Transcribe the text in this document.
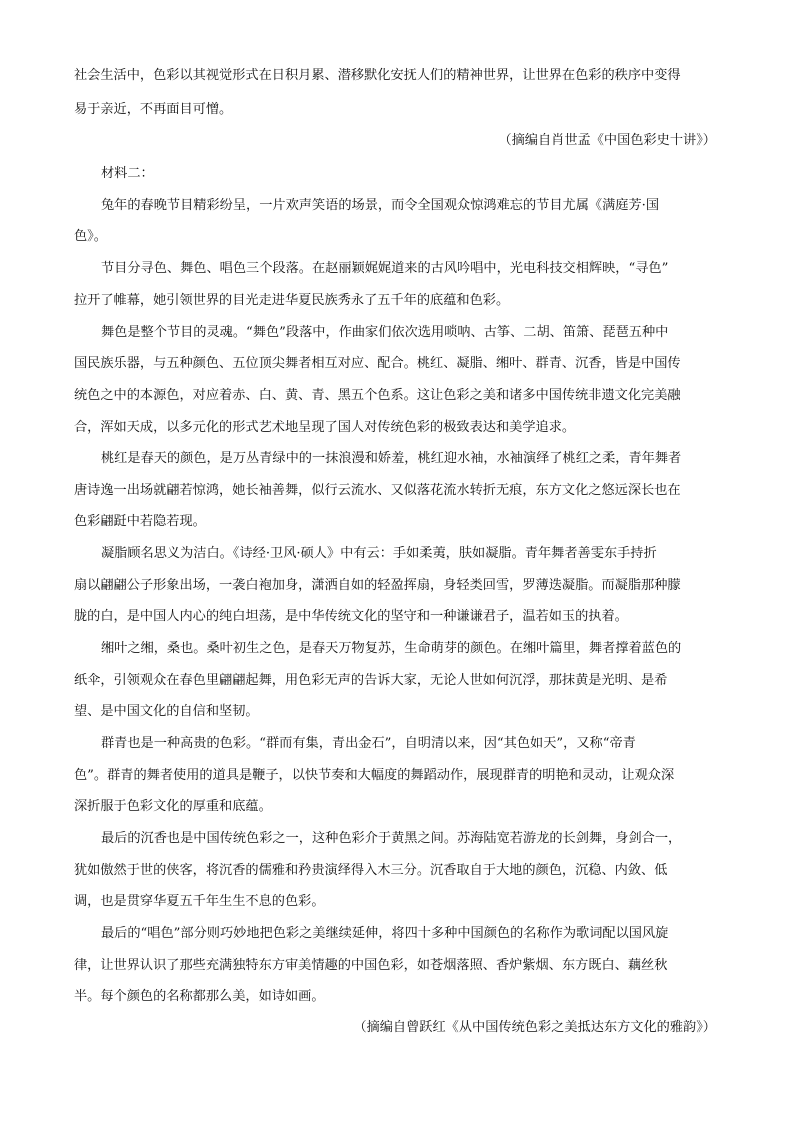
社会生活中，色彩以其视觉形式在日积月累、潜移默化安抚人们的精神世界，让世界在色彩的秩序中变得
易于亲近，不再面目可憎。
（摘编自肖世孟《中国色彩史十讲》）
材料二：
兔年的春晚节目精彩纷呈，一片欢声笑语的场景，而令全国观众惊鸿难忘的节目尤属《满庭芳·国
色》。
节目分寻色、舞色、唱色三个段落。在赵丽颖娓娓道来的古风吟唱中，光电科技交相辉映，“寻色”
拉开了帷幕，她引领世界的目光走进华夏民族秀永了五千年的底蕴和色彩。
舞色是整个节目的灵魂。“舞色”段落中，作曲家们依次选用唢呐、古筝、二胡、笛箫、琵琶五种中
国民族乐器，与五种颜色、五位顶尖舞者相互对应、配合。桃红、凝脂、缃叶、群青、沉香，皆是中国传
统色之中的本源色，对应着赤、白、黄、青、黑五个色系。这让色彩之美和诸多中国传统非遗文化完美融
合，浑如天成，以多元化的形式艺术地呈现了国人对传统色彩的极致表达和美学追求。
桃红是春天的颜色，是万丛青绿中的一抹浪漫和娇羞，桃红迎水袖，水袖演绎了桃红之柔，青年舞者
唐诗逸一出场就翩若惊鸿，她长袖善舞，似行云流水、又似落花流水转折无痕，东方文化之悠远深长也在
色彩翩跹中若隐若现。
凝脂顾名思义为洁白。《诗经·卫风·硕人》中有云：手如柔荑，肤如凝脂。青年舞者善雯东手持折
扇以翩翩公子形象出场，一袭白袍加身，潇洒自如的轻盈挥扇，身轻类回雪，罗薄迭凝脂。而凝脂那种朦
胧的白，是中国人内心的纯白坦荡，是中华传统文化的坚守和一种谦谦君子，温若如玉的执着。
缃叶之缃，桑也。桑叶初生之色，是春天万物复苏，生命萌芽的颜色。在缃叶篇里，舞者撑着蓝色的
纸伞，引领观众在春色里翩翩起舞，用色彩无声的告诉大家，无论人世如何沉浮，那抹黄是光明、是希
望、是中国文化的自信和坚韧。
群青也是一种高贵的色彩。“群而有集，青出金石”，自明清以来，因“其色如天”，又称“帝青
色”。群青的舞者使用的道具是鞭子，以快节奏和大幅度的舞蹈动作，展现群青的明艳和灵动，让观众深
深折服于色彩文化的厚重和底蕴。
最后的沉香也是中国传统色彩之一，这种色彩介于黄黑之间。苏海陆宽若游龙的长剑舞，身剑合一，
犹如傲然于世的侠客，将沉香的儒雅和矜贵演绎得入木三分。沉香取自于大地的颜色，沉稳、内敛、低
调，也是贯穿华夏五千年生生不息的色彩。
最后的“唱色”部分则巧妙地把色彩之美继续延伸，将四十多种中国颜色的名称作为歌词配以国风旋
律，让世界认识了那些充满独特东方审美情趣的中国色彩，如苍烟落照、香炉紫烟、东方既白、藕丝秋
半。每个颜色的名称都那么美，如诗如画。
（摘编自曾跃红《从中国传统色彩之美抵达东方文化的雅韵》）
